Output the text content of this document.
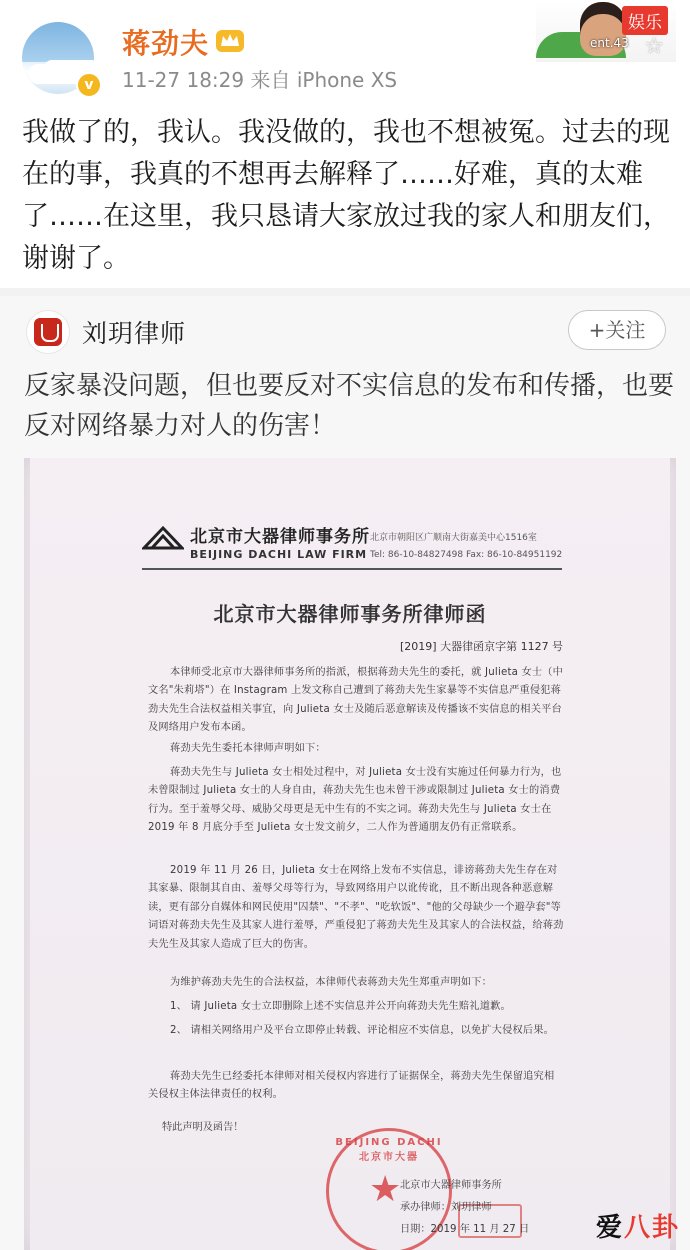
v
蒋劲夫
11-27 18:29 来自 iPhone XS
娱乐
ent.43 ☆
我做了的，我认。我没做的，我也不想被冤。过去的现在的事，我真的不想再去解释了……好难，真的太难了……在这里，我只恳请大家放过我的家人和朋友们，谢谢了。
刘玥律师	+关注
反家暴没问题，但也要反对不实信息的发布和传播，也要反对网络暴力对人的伤害！
北京市大器律师事务所
BEIJING DACHI LAW FIRM
北京市朝阳区广顺南大街嘉美中心1516室
Tel: 86-10-84827498 Fax: 86-10-84951192
北京市大器律师事务所律师函
[2019] 大器律函京字第 1127 号
本律师受北京市大器律师事务所的指派，根据蒋劲夫先生的委托，就 Julieta 女士（中文名"朱莉塔"）在 Instagram 上发文称自己遭到了蒋劲夫先生家暴等不实信息严重侵犯蒋劲夫先生合法权益相关事宜，向 Julieta 女士及随后恶意解读及传播该不实信息的相关平台及网络用户发布本函。
蒋劲夫先生委托本律师声明如下：
蒋劲夫先生与 Julieta 女士相处过程中，对 Julieta 女士没有实施过任何暴力行为，也未曾限制过 Julieta 女士的人身自由，蒋劲夫先生也未曾干涉或限制过 Julieta 女士的消费行为。至于羞辱父母、威胁父母更是无中生有的不实之词。蒋劲夫先生与 Julieta 女士在 2019 年 8 月底分手至 Julieta 女士发文前夕，二人作为普通朋友仍有正常联系。
2019 年 11 月 26 日，Julieta 女士在网络上发布不实信息，诽谤蒋劲夫先生存在对其家暴、限制其自由、羞辱父母等行为，导致网络用户以讹传讹，且不断出现各种恶意解读，更有部分自媒体和网民使用"囚禁"、"不孝"、"吃软饭"、"他的父母缺少一个避孕套"等词语对蒋劲夫先生及其家人进行羞辱，严重侵犯了蒋劲夫先生及其家人的合法权益，给蒋劲夫先生及其家人造成了巨大的伤害。
为维护蒋劲夫先生的合法权益，本律师代表蒋劲夫先生郑重声明如下：
1、 请 Julieta 女士立即删除上述不实信息并公开向蒋劲夫先生赔礼道歉。
2、 请相关网络用户及平台立即停止转载、评论相应不实信息，以免扩大侵权后果。
蒋劲夫先生已经委托本律师对相关侵权内容进行了证据保全，蒋劲夫先生保留追究相关侵权主体法律责任的权利。
特此声明及函告！
BEIJING DACHI 北京市大器
★
北京市大器律师事务所
承办律师：刘玥律师
日期：2019 年 11 月 27 日	爱八卦
